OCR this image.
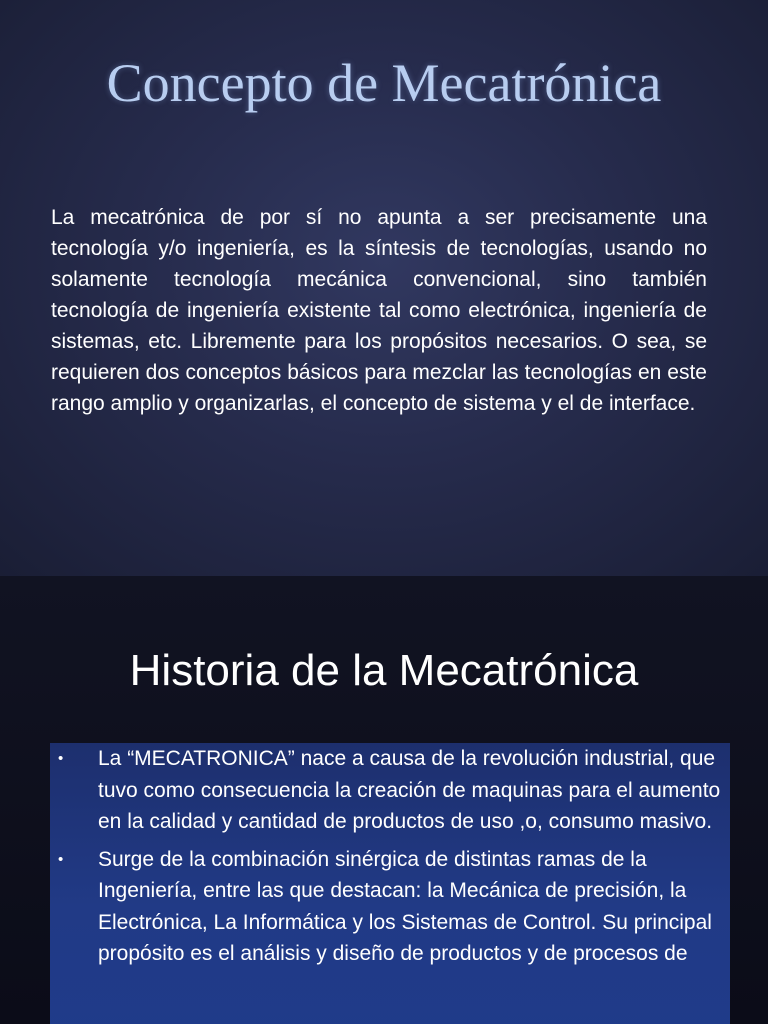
Concepto de Mecatrónica
La mecatrónica de por sí no apunta a ser precisamente una tecnología y/o ingeniería, es la síntesis de tecnologías, usando no solamente tecnología mecánica convencional, sino también tecnología de ingeniería existente tal como electrónica, ingeniería de sistemas, etc. Libremente para los propósitos necesarios. O sea, se requieren dos conceptos básicos para mezclar las tecnologías en este rango amplio y organizarlas, el concepto de sistema y el de interface.
Historia de la Mecatrónica
• La “MECATRONICA” nace a causa de la revolución industrial, que tuvo como consecuencia la creación de maquinas para el aumento en la calidad y cantidad de productos de uso ,o, consumo masivo.
• Surge de la combinación sinérgica de distintas ramas de la Ingeniería, entre las que destacan: la Mecánica de precisión, la Electrónica, La Informática y los Sistemas de Control. Su principal propósito es el análisis y diseño de productos y de procesos de
